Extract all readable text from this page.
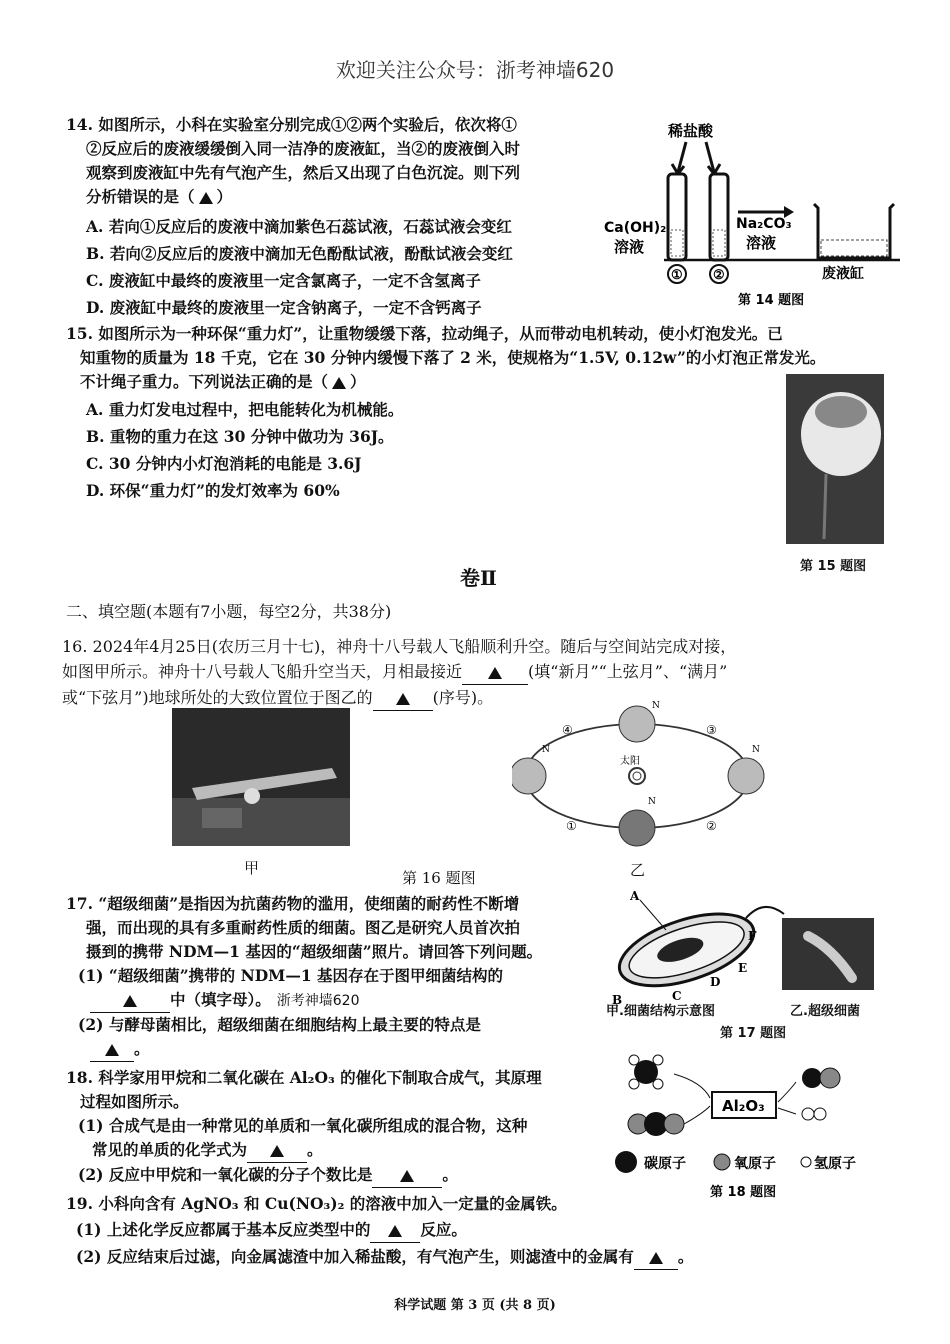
欢迎关注公众号：浙考神墙620
14. 如图所示，小科在实验室分别完成①②两个实验后，依次将①
②反应后的废液缓缓倒入同一洁净的废液缸，当②的废液倒入时
观察到废液缸中先有气泡产生，然后又出现了白色沉淀。则下列
分析错误的是（ ）
A. 若向①反应后的废液中滴加紫色石蕊试液，石蕊试液会变红
B. 若向②反应后的废液中滴加无色酚酞试液，酚酞试液会变红
C. 废液缸中最终的废液里一定含氯离子，一定不含氢离子
D. 废液缸中最终的废液里一定含钠离子，一定不含钙离子
稀盐酸
① ②
Ca(OH)₂
溶液
Na₂CO₃
溶液
废液缸
第 14 题图
15. 如图所示为一种环保“重力灯”，让重物缓缓下落，拉动绳子，从而带动电机转动，使小灯泡发光。已
知重物的质量为 18 千克，它在 30 分钟内缓慢下落了 2 米，使规格为“1.5V, 0.12w”的小灯泡正常发光。
不计绳子重力。下列说法正确的是（ ）
A. 重力灯发电过程中，把电能转化为机械能。
B. 重物的重力在这 30 分钟中做功为 36J。
C. 30 分钟内小灯泡消耗的电能是 3.6J
D. 环保“重力灯”的发灯效率为 60%
第 15 题图
卷Ⅱ
二、填空题(本题有7小题，每空2分，共38分)
16. 2024年4月25日(农历三月十七)，神舟十八号载人飞船顺利升空。随后与空间站完成对接，
如图甲所示。神舟十八号载人飞船升空当天，月相最接近	(填“新月”“上弦月”、“满月”
或“下弦月”)地球所处的大致位置位于图乙的	(序号)。
甲
太阳
N
N	N
N
①	②
③
④
乙
第 16 题图
17. “超级细菌”是指因为抗菌药物的滥用，使细菌的耐药性不断增
强，而出现的具有多重耐药性质的细菌。图乙是研究人员首次拍
摄到的携带 NDM—1 基因的“超级细菌”照片。请回答下列问题。
(1) “超级细菌”携带的 NDM—1 基因存在于图甲细菌结构的
中（填字母）。 浙考神墙620
(2) 与酵母菌相比，超级细菌在细胞结构上最主要的特点是
。
A
B	C
D
E
F
甲.细菌结构示意图	乙.超级细菌
第 17 题图
18. 科学家用甲烷和二氧化碳在 Al₂O₃ 的催化下制取合成气，其原理
过程如图所示。
(1) 合成气是由一种常见的单质和一氧化碳所组成的混合物，这种
常见的单质的化学式为	。
(2) 反应中甲烷和一氧化碳的分子个数比是	。
Al₂O₃
碳原子	氧原子	氢原子
第 18 题图
19. 小科向含有 AgNO₃ 和 Cu(NO₃)₂ 的溶液中加入一定量的金属铁。
(1) 上述化学反应都属于基本反应类型中的	反应。
(2) 反应结束后过滤，向金属滤渣中加入稀盐酸，有气泡产生，则滤渣中的金属有	。
科学试题 第 3 页 (共 8 页)
